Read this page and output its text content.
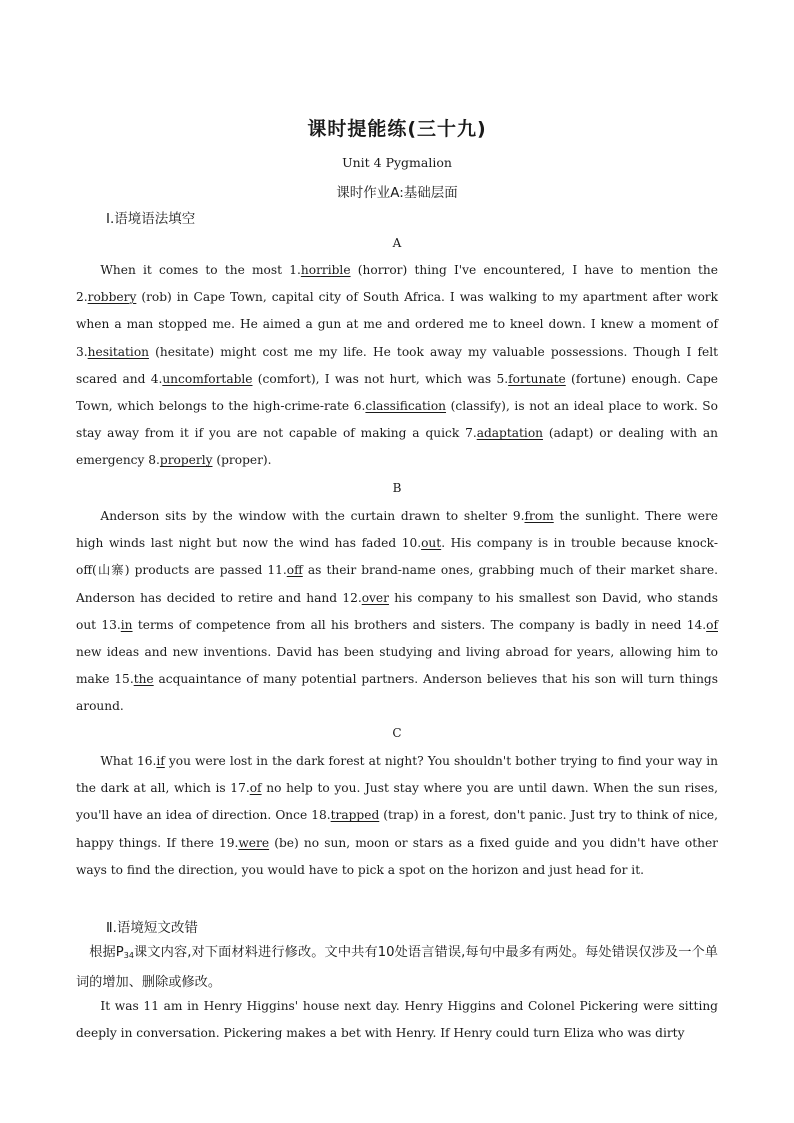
课时提能练(三十九)
Unit 4 Pygmalion
课时作业A:基础层面
Ⅰ.语境语法填空
A
When it comes to the most 1.horrible (horror) thing I've encountered, I have to mention the 2.robbery (rob) in Cape Town, capital city of South Africa. I was walking to my apartment after work when a man stopped me. He aimed a gun at me and ordered me to kneel down. I knew a moment of 3.hesitation (hesitate) might cost me my life. He took away my valuable possessions. Though I felt scared and 4.uncomfortable (comfort), I was not hurt, which was 5.fortunate (fortune) enough. Cape Town, which belongs to the high-crime-rate 6.classification (classify), is not an ideal place to work. So stay away from it if you are not capable of making a quick 7.adaptation (adapt) or dealing with an emergency 8.properly (proper).
B
Anderson sits by the window with the curtain drawn to shelter 9.from the sunlight. There were high winds last night but now the wind has faded 10.out. His company is in trouble because knock-off(山寨) products are passed 11.off as their brand-name ones, grabbing much of their market share. Anderson has decided to retire and hand 12.over his company to his smallest son David, who stands out 13.in terms of competence from all his brothers and sisters. The company is badly in need 14.of new ideas and new inventions. David has been studying and living abroad for years, allowing him to make 15.the acquaintance of many potential partners. Anderson believes that his son will turn things around.
C
What 16.if you were lost in the dark forest at night? You shouldn't bother trying to find your way in the dark at all, which is 17.of no help to you. Just stay where you are until dawn. When the sun rises, you'll have an idea of direction. Once 18.trapped (trap) in a forest, don't panic. Just try to think of nice, happy things. If there 19.were (be) no sun, moon or stars as a fixed guide and you didn't have other ways to find the direction, you would have to pick a spot on the horizon and just head for it.
Ⅱ.语境短文改错
根据$P_{34}$课文内容,对下面材料进行修改。文中共有10处语言错误,每句中最多有两处。每处错误仅涉及一个单词的增加、删除或修改。
It was 11 am in Henry Higgins' house next day. Henry Higgins and Colonel Pickering were sitting deeply in conversation. Pickering makes a bet with Henry. If Henry could turn Eliza who was dirty
